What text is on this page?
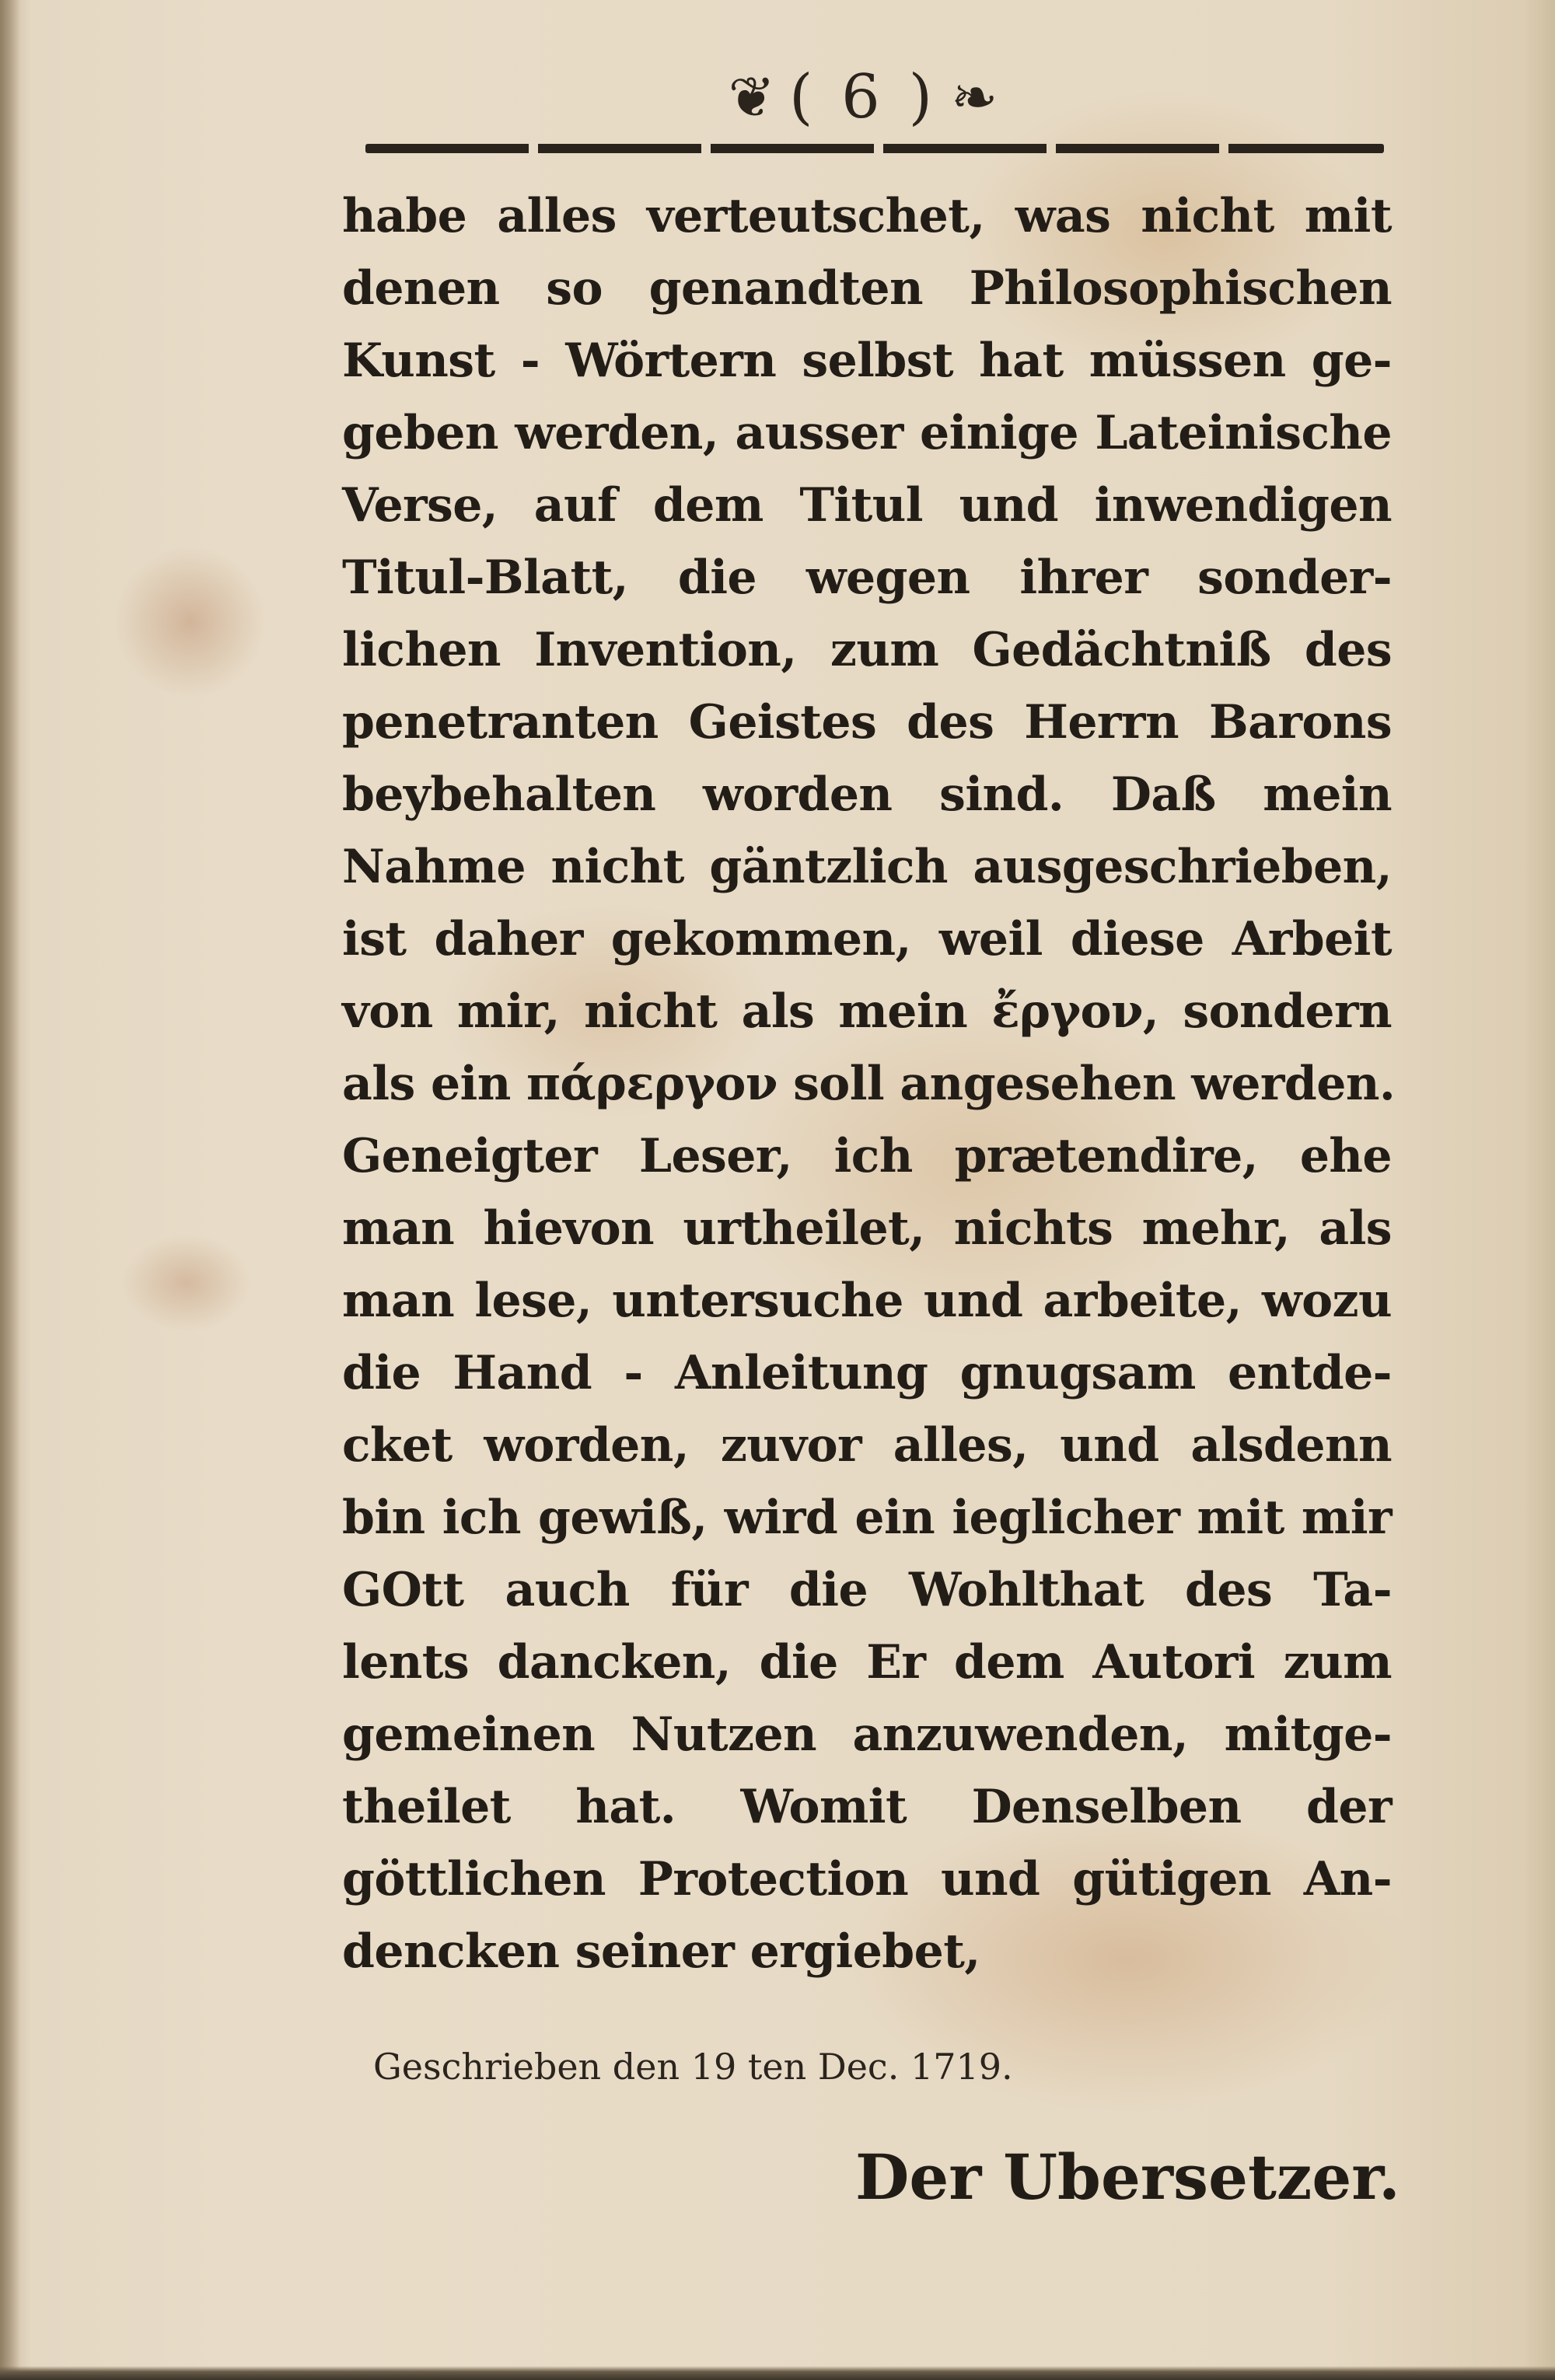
❦ ( 6 ) ❧
habe alles verteutschet, was nicht mit
denen so genandten Philosophischen
Kunst - Wörtern selbst hat müssen ge-
geben werden, ausser einige Lateinische
Verse, auf dem Titul und inwendigen
Titul-Blatt, die wegen ihrer sonder-
lichen Invention, zum Gedächtniß des
penetranten Geistes des Herrn Barons
beybehalten worden sind. Daß mein
Nahme nicht gäntzlich ausgeschrieben,
ist daher gekommen, weil diese Arbeit
von mir, nicht als mein ἔργον, sondern
als ein πάρεργον soll angesehen werden.
Geneigter Leser, ich prætendire, ehe
man hievon urtheilet, nichts mehr, als
man lese, untersuche und arbeite, wozu
die Hand - Anleitung gnugsam entde-
cket worden, zuvor alles, und alsdenn
bin ich gewiß, wird ein ieglicher mit mir
GOtt auch für die Wohlthat des Ta-
lents dancken, die Er dem Autori zum
gemeinen Nutzen anzuwenden, mitge-
theilet hat. Womit Denselben der
göttlichen Protection und gütigen An-
dencken seiner ergiebet,
Geschrieben den 19 ten Dec. 1719.
Der Ubersetzer.
